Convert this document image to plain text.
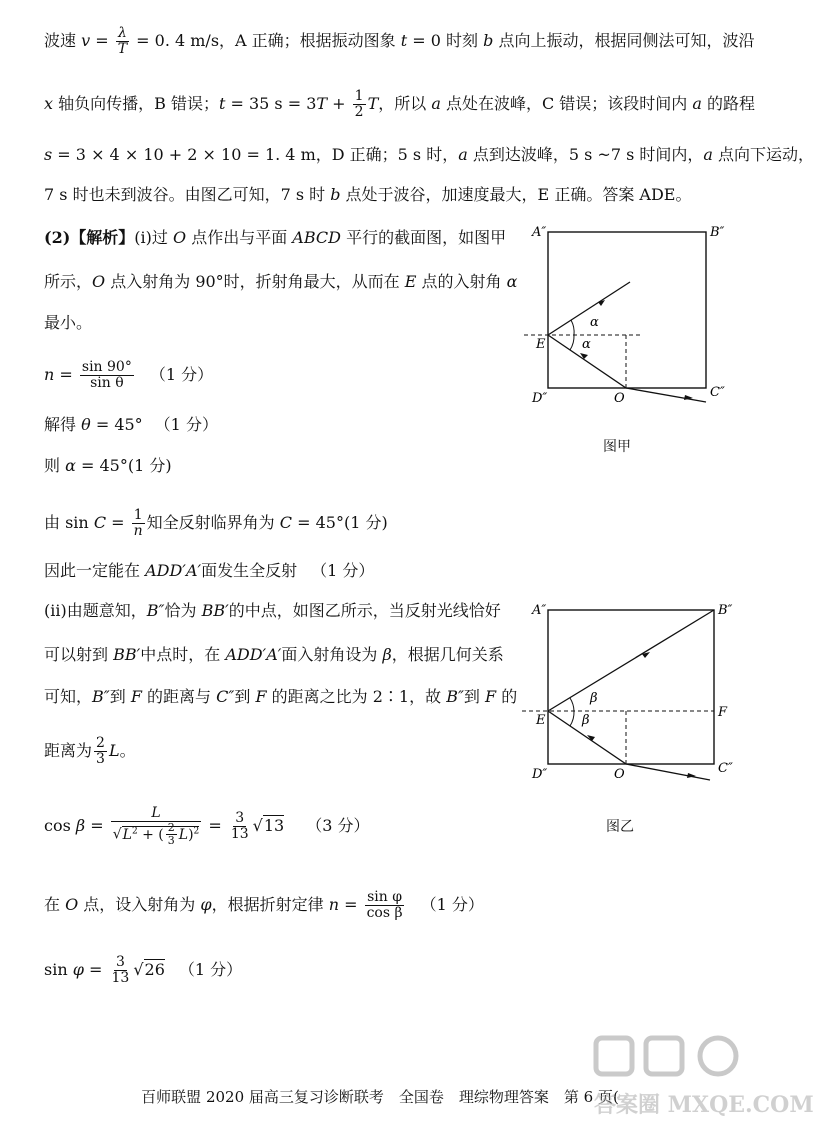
波速 $v = \frac{\lambda}{T} = 0$. 4 m/s，A 正确；根据振动图象 t = 0 时刻 b 点向上振动，根据同侧法可知，波沿
x 轴负向传播，B 错误；t = 35 $s = 3T + \frac{1}{2}$ T，所以 a 点处在波峰，C 错误；该段时间内 a 的路程
s = 3 × 4 × 10 + 2 × 10 = 1. 4 m，D 正确；5 s 时，a 点到达波峰，5 s ~7 s 时间内，a 点向下运动，
7 s 时也未到波谷。由图乙可知，7 s 时 b 点处于波谷，加速度最大，E 正确。答案 ADE。
(2)【解析】(ⅰ)过 O 点作出与平面 ABCD 平行的截面图，如图甲
所示，O 点入射角为 90°时，折射角最大，从而在 E 点的入射角 α
最小。
$n = \frac{\sin 90^\circ}{\text{sin θ}} (1$ 分）
解得 θ = 45° （1 分）
则 α = 45°(1 分)
由 $\sin C = \frac{1}{n}$ 知全反射临界角为 C = 45°(1 分)
因此一定能在 ADD′A′面发生全反射 （1 分）
(ⅱ)由题意知，B″恰为 BB′的中点，如图乙所示，当反射光线恰好
可以射到 BB′中点时，在 ADD′A′面入射角设为 β，根据几何关系
可知，B″到 F 的距离与 C″到 F 的距离之比为 2∶1，故 B″到 F 的
距离为 $\frac{2}{3}$ L。
$\cos \beta = \frac{L}{√L^2 + ( \frac{2}{3} L)^2} = \frac{3}{13} √13$ （3 分）
在 O 点，设入射角为 φ，根据折射定律 $n = \frac{\text{sin φ}}{\text{cos β}} (1$ 分）
$\sin \varphi = \frac{3}{13} √26$ （1 分）
A″	B″
C″
D″
E
O
α
α
图甲
A″	B″
C″
D″
E
F
O
β
β
图乙
百师联盟 2020 届高三复习诊断联考　全国卷　理综物理答案　第 6 页(
答案圈 MXQE.COM
